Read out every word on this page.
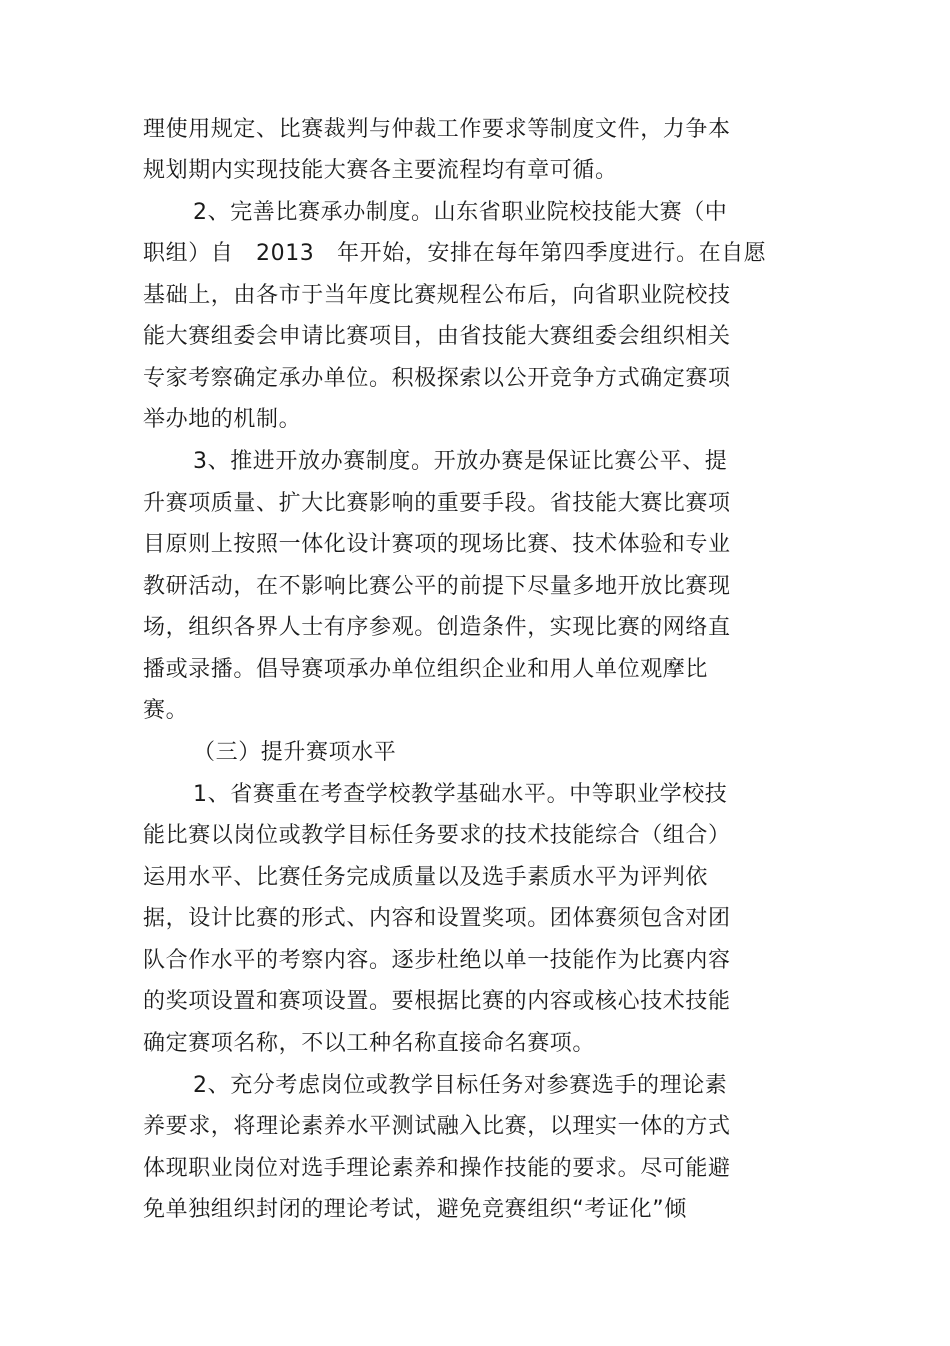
理使用规定、比赛裁判与仲裁工作要求等制度文件，力争本

规划期内实现技能大赛各主要流程均有章可循。

2、完善比赛承办制度。山东省职业院校技能大赛（中

职组）自　2013　年开始，安排在每年第四季度进行。在自愿

基础上，由各市于当年度比赛规程公布后，向省职业院校技

能大赛组委会申请比赛项目，由省技能大赛组委会组织相关

专家考察确定承办单位。积极探索以公开竞争方式确定赛项

举办地的机制。

3、推进开放办赛制度。开放办赛是保证比赛公平、提

升赛项质量、扩大比赛影响的重要手段。省技能大赛比赛项

目原则上按照一体化设计赛项的现场比赛、技术体验和专业

教研活动，在不影响比赛公平的前提下尽量多地开放比赛现

场，组织各界人士有序参观。创造条件，实现比赛的网络直

播或录播。倡导赛项承办单位组织企业和用人单位观摩比

赛。

（三）提升赛项水平

1、省赛重在考查学校教学基础水平。中等职业学校技

能比赛以岗位或教学目标任务要求的技术技能综合（组合）

运用水平、比赛任务完成质量以及选手素质水平为评判依

据，设计比赛的形式、内容和设置奖项。团体赛须包含对团

队合作水平的考察内容。逐步杜绝以单一技能作为比赛内容

的奖项设置和赛项设置。要根据比赛的内容或核心技术技能

确定赛项名称，不以工种名称直接命名赛项。

2、充分考虑岗位或教学目标任务对参赛选手的理论素

养要求，将理论素养水平测试融入比赛，以理实一体的方式

体现职业岗位对选手理论素养和操作技能的要求。尽可能避

免单独组织封闭的理论考试，避免竞赛组织“考证化”倾
